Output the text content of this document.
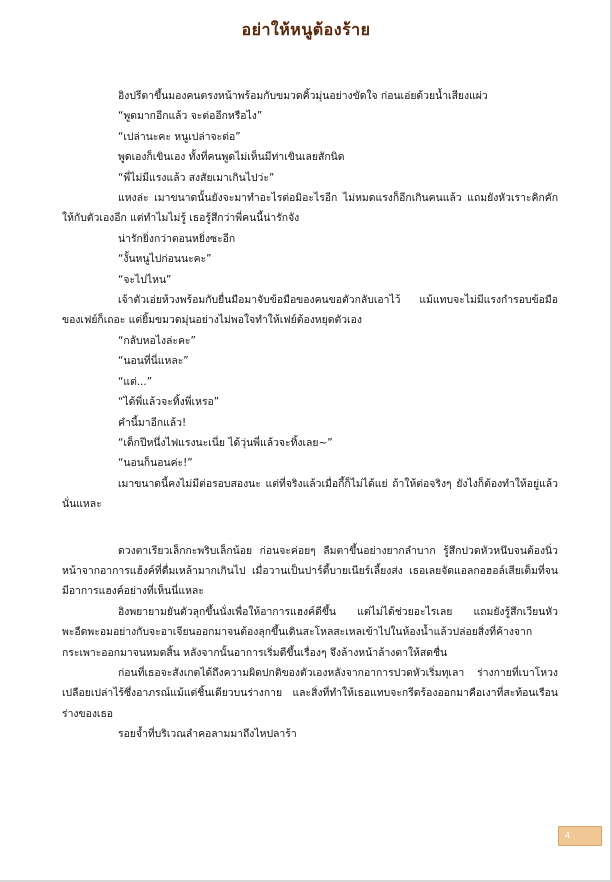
อย่าให้หนูต้องร้าย

อิงปรีดาขึ้นมองคนตรงหน้าพร้อมกับขมวดคิ้วมุ่นอย่างขัดใจ ก่อนเอ่ยด้วยน้ำเสียงแผ่ว

“พูดมากอีกแล้ว จะต่ออีกหรือไง”

“เปล่านะคะ หนูเปล่าจะต่อ”

พูดเองก็เขินเอง ทั้งที่คนพูดไม่เห็นมีท่าเขินเลยสักนิด

“พี่ไม่มีแรงแล้ว สงสัยเมาเกินไปว่ะ”

แหงล่ะ เมาขนาดนั้นยังจะมาทำอะไรต่อมิอะไรอีก ไม่หมดแรงก็อีกเกินคนแล้ว แถมยังหัวเราะคิกคักให้กับตัวเองอีก แต่ทำไมไม่รู้ เธอรู้สึกว่าพี่คนนี้น่ารักจัง

น่ารักยิ่งกว่าตอนหยิ่งซะอีก

“งั้นหนูไปก่อนนะคะ”

“จะไปไหน”

เจ้าตัวเอ่ยห้วงพร้อมกับยื่นมือมาจับข้อมือของคนขอตัวกลับเอาไว้ แม้แทบจะไม่มีแรงกำรอบข้อมือของเฟย์ก็เถอะ แต่ยิ้มขมวดมุ่นอย่างไม่พอใจทำให้เฟย์ต้องหยุดตัวเอง

“กลับหอไงล่ะคะ”

“นอนที่นี่แหละ”

“แต่...”

“ได้พี่แล้วจะทิ้งพี่เหรอ”

คำนี้มาอีกแล้ว!

“เด็กปีหนึ่งไฟแรงนะเนี่ย ได้วุ่นพี่แล้วจะทิ้งเลย~”

“นอนก็นอนค่ะ!”

เมาขนาดนี้คงไม่มีต่อรอบสองนะ แต่ที่จริงแล้วเมื่อกี้ก็ไม่ได้แย่ ถ้าให้ต่อจริงๆ ยังไงก็ต้องทำให้อยู่แล้วนั่นแหละ

ดวงตาเรียวเล็กกะพริบเล็กน้อย ก่อนจะค่อยๆ ลืมตาขึ้นอย่างยากลำบาก รู้สึกปวดหัวหนึบจนต้องนิ่วหน้าจากอาการแฮ้งค์ที่ดื่มเหล้ามากเกินไป เมื่อวานเป็นปาร์ตี้บายเนียร์เลี้ยงส่ง เธอเลยจัดแอลกอฮอล์เสียเต็มที่จนมีอาการแฮงค์อย่างที่เห็นนี่แหละ

อิงพยายามยันตัวลุกขึ้นนั่งเพื่อให้อาการแฮงค์ดีขึ้น แต่ไม่ได้ช่วยอะไรเลย แถมยังรู้สึกเวียนหัวพะอืดพะอมอย่างกับจะอาเจียนออกมาจนต้องลุกขึ้นเดินสะโหลสะเหลเข้าไปในห้องน้ำแล้วปล่อยสิ่งที่ค้างจากกระเพาะออกมาจนหมดสิ้น หลังจากนั้นอาการเริ่มดีขึ้นเรื่องๆ จึงล้างหน้าล้างตาให้สดชื่น

ก่อนที่เธอจะสังเกตได้ถึงความผิดปกติของตัวเองหลังจากอาการปวดหัวเริ่มทุเลา ร่างกายที่เบาโหวงเปลือยเปล่าไร้ซึ่งอาภรณ์แม้แต่ชิ้นเดียวบนร่างกาย และสิ่งที่ทำให้เธอแทบจะกรีดร้องออกมาคือเงาที่สะท้อนเรือนร่างของเธอ

รอยจ้ำที่บริเวณลำคอลามมาถึงไหปลาร้า

4
